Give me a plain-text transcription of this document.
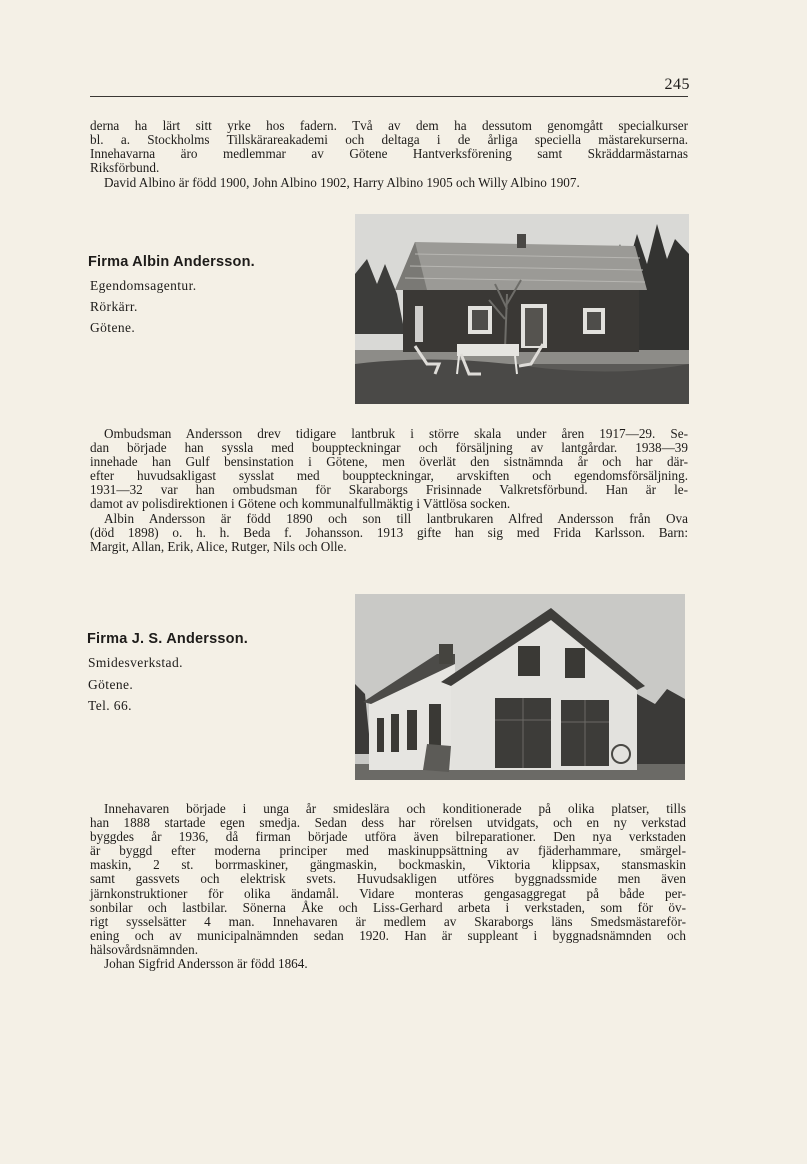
245

derna ha lärt sitt yrke hos fadern. Två av dem ha dessutom genomgått specialkurser

bl. a. Stockholms Tillskärareakademi och deltaga i de årliga speciella mästarekurserna.

Innehavarna äro medlemmar av Götene Hantverksförening samt Skräddarmästarnas

Riksförbund.

David Albino är född 1900, John Albino 1902, Harry Albino 1905 och Willy Albino 1907.

Firma Albin Andersson.
Egendomsagentur.
Rörkärr.
Götene.

Ombudsman Andersson drev tidigare lantbruk i större skala under åren 1917—29. Se-

dan började han syssla med bouppteckningar och försäljning av lantgårdar. 1938—39

innehade han Gulf bensinstation i Götene, men överlät den sistnämnda år och har där-

efter huvudsakligast sysslat med bouppteckningar, arvskiften och egendomsförsäljning.

1931—32 var han ombudsman för Skaraborgs Frisinnade Valkretsförbund. Han är le-

damot av polisdirektionen i Götene och kommunalfullmäktig i Vättlösa socken.

Albin Andersson är född 1890 och son till lantbrukaren Alfred Andersson från Ova

(död 1898) o. h. h. Beda f. Johansson. 1913 gifte han sig med Frida Karlsson. Barn:

Margit, Allan, Erik, Alice, Rutger, Nils och Olle.

Firma J. S. Andersson.
Smidesverkstad.
Götene.
Tel. 66.

Innehavaren började i unga år smideslära och konditionerade på olika platser, tills

han 1888 startade egen smedja. Sedan dess har rörelsen utvidgats, och en ny verkstad

byggdes år 1936, då firman började utföra även bilreparationer. Den nya verkstaden

är byggd efter moderna principer med maskinuppsättning av fjäderhammare, smärgel-

maskin, 2 st. borrmaskiner, gängmaskin, bockmaskin, Viktoria klippsax, stansmaskin

samt gassvets och elektrisk svets. Huvudsakligen utföres byggnadssmide men även

järnkonstruktioner för olika ändamål. Vidare monteras gengasaggregat på både per-

sonbilar och lastbilar. Sönerna Åke och Liss-Gerhard arbeta i verkstaden, som för öv-

rigt sysselsätter 4 man. Innehavaren är medlem av Skaraborgs läns Smedsmästareför-

ening och av municipalnämnden sedan 1920. Han är suppleant i byggnadsnämnden och

hälsovårdsnämnden.

Johan Sigfrid Andersson är född 1864.
